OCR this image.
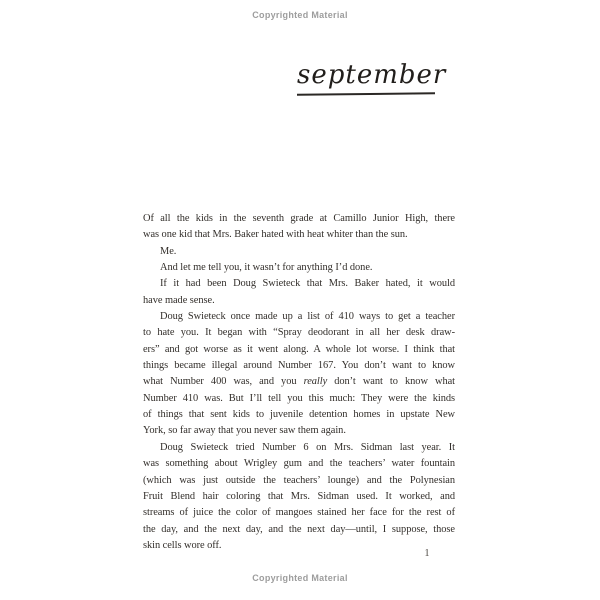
Copyrighted Material
september
Of all the kids in the seventh grade at Camillo Junior High, there
was one kid that Mrs. Baker hated with heat whiter than the sun.
Me.
And let me tell you, it wasn’t for anything I’d done.
If it had been Doug Swieteck that Mrs. Baker hated, it would
have made sense.
Doug Swieteck once made up a list of 410 ways to get a teacher
to hate you. It began with “Spray deodorant in all her desk draw-
ers” and got worse as it went along. A whole lot worse. I think that
things became illegal around Number 167. You don’t want to know
what Number 400 was, and you really don’t want to know what
Number 410 was. But I’ll tell you this much: They were the kinds
of things that sent kids to juvenile detention homes in upstate New
York, so far away that you never saw them again.
Doug Swieteck tried Number 6 on Mrs. Sidman last year. It
was something about Wrigley gum and the teachers’ water fountain
(which was just outside the teachers’ lounge) and the Polynesian
Fruit Blend hair coloring that Mrs. Sidman used. It worked, and
streams of juice the color of mangoes stained her face for the rest of
the day, and the next day, and the next day—until, I suppose, those
skin cells wore off.
1
Copyrighted Material
